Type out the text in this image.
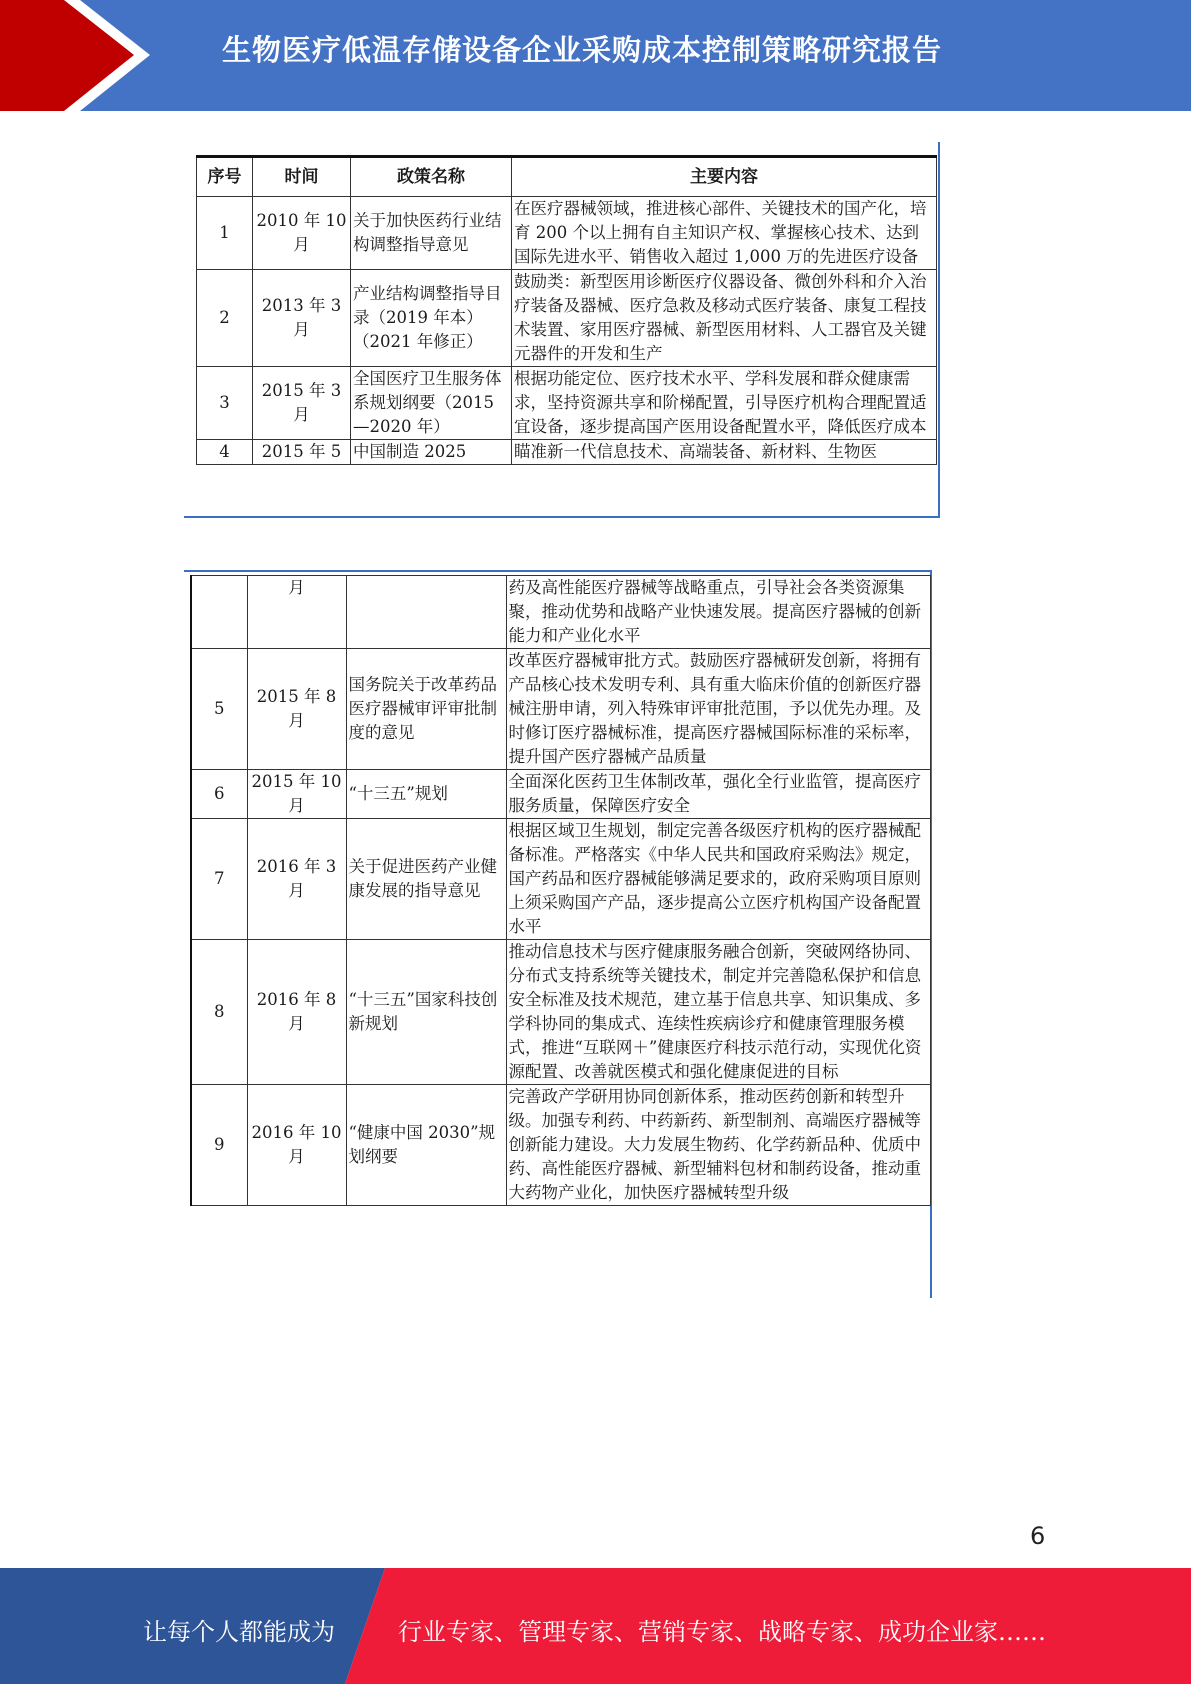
生物医疗低温存储设备企业采购成本控制策略研究报告
序号	时间	政策名称	主要内容
1	2010 年 10 月	关于加快医药行业结构调整指导意见	在医疗器械领域，推进核心部件、关键技术的国产化，培育 200 个以上拥有自主知识产权、掌握核心技术、达到国际先进水平、销售收入超过 1,000 万的先进医疗设备
2	2013 年 3 月	产业结构调整指导目录（2019 年本）（2021 年修正）	鼓励类：新型医用诊断医疗仪器设备、微创外科和介入治疗装备及器械、医疗急救及移动式医疗装备、康复工程技术装置、家用医疗器械、新型医用材料、人工器官及关键元器件的开发和生产
3	2015 年 3 月	全国医疗卫生服务体系规划纲要（2015—2020 年）	根据功能定位、医疗技术水平、学科发展和群众健康需求，坚持资源共享和阶梯配置，引导医疗机构合理配置适宜设备，逐步提高国产医用设备配置水平，降低医疗成本
4	2015 年 5	中国制造 2025	瞄准新一代信息技术、高端装备、新材料、生物医
	月		药及高性能医疗器械等战略重点，引导社会各类资源集聚，推动优势和战略产业快速发展。提高医疗器械的创新能力和产业化水平
5	2015 年 8 月	国务院关于改革药品医疗器械审评审批制度的意见	改革医疗器械审批方式。鼓励医疗器械研发创新，将拥有产品核心技术发明专利、具有重大临床价值的创新医疗器械注册申请，列入特殊审评审批范围，予以优先办理。及时修订医疗器械标准，提高医疗器械国际标准的采标率，提升国产医疗器械产品质量
6	2015 年 10 月	“十三五”规划	全面深化医药卫生体制改革，强化全行业监管，提高医疗服务质量，保障医疗安全
7	2016 年 3 月	关于促进医药产业健康发展的指导意见	根据区域卫生规划，制定完善各级医疗机构的医疗器械配备标准。严格落实《中华人民共和国政府采购法》规定，国产药品和医疗器械能够满足要求的，政府采购项目原则上须采购国产产品，逐步提高公立医疗机构国产设备配置水平
8	2016 年 8 月	“十三五”国家科技创新规划	推动信息技术与医疗健康服务融合创新，突破网络协同、分布式支持系统等关键技术，制定并完善隐私保护和信息安全标准及技术规范，建立基于信息共享、知识集成、多学科协同的集成式、连续性疾病诊疗和健康管理服务模式，推进“互联网＋”健康医疗科技示范行动，实现优化资源配置、改善就医模式和强化健康促进的目标
9	2016 年 10 月	“健康中国 2030”规划纲要	完善政产学研用协同创新体系，推动医药创新和转型升级。加强专利药、中药新药、新型制剂、高端医疗器械等创新能力建设。大力发展生物药、化学药新品种、优质中药、高性能医疗器械、新型辅料包材和制药设备，推动重大药物产业化，加快医疗器械转型升级
6
让每个人都能成为	行业专家、管理专家、营销专家、战略专家、成功企业家……
